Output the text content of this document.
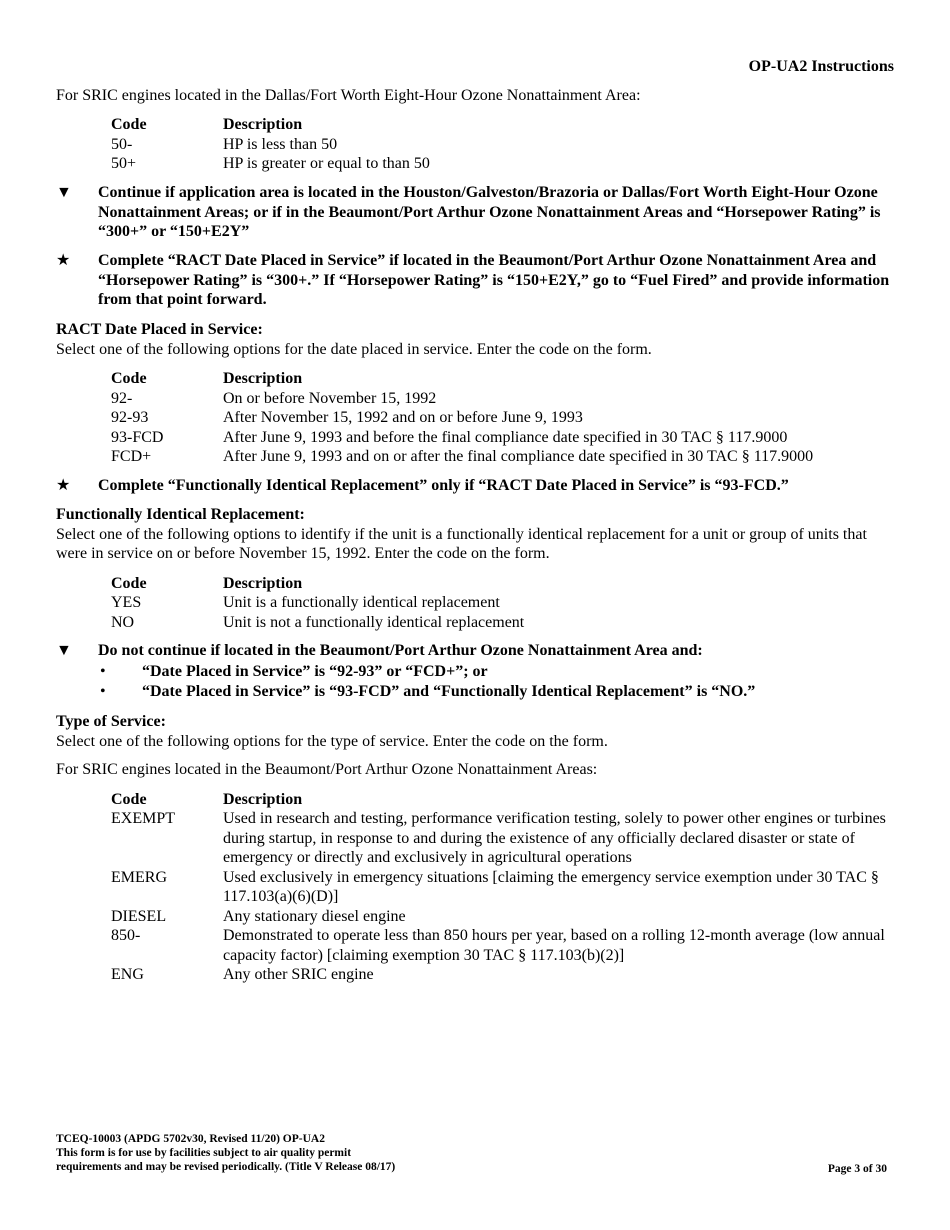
OP-UA2 Instructions

For SRIC engines located in the Dallas/Fort Worth Eight-Hour Ozone Nonattainment Area:

Code	Description
50-	HP is less than 50
50+	HP is greater or equal to than 50
▼ Continue if application area is located in the Houston/Galveston/Brazoria or Dallas/Fort Worth Eight-Hour Ozone Nonattainment Areas; or if in the Beaumont/Port Arthur Ozone Nonattainment Areas and “Horsepower Rating” is “300+” or “150+E2Y”
★	Complete “RACT Date Placed in Service” if located in the Beaumont/Port Arthur Ozone Nonattainment Area and “Horsepower Rating” is “300+.” If “Horsepower Rating” is “150+E2Y,” go to “Fuel Fired” and provide information from that point forward.

RACT Date Placed in Service:

Select one of the following options for the date placed in service. Enter the code on the form.

Code	Description
92-	On or before November 15, 1992
92-93	After November 15, 1992 and on or before June 9, 1993
93-FCD	After June 9, 1993 and before the final compliance date specified in 30 TAC § 117.9000
FCD+	After June 9, 1993 and on or after the final compliance date specified in 30 TAC § 117.9000
★	Complete “Functionally Identical Replacement” only if “RACT Date Placed in Service” is “93-FCD.”

Functionally Identical Replacement:

Select one of the following options to identify if the unit is a functionally identical replacement for a unit or group of units that were in service on or before November 15, 1992. Enter the code on the form.

Code	Description
YES	Unit is a functionally identical replacement
NO	Unit is not a functionally identical replacement
▼ Do not continue if located in the Beaumont/Port Arthur Ozone Nonattainment Area and:
• “Date Placed in Service” is “92-93” or “FCD+”; or
• “Date Placed in Service” is “93-FCD” and “Functionally Identical Replacement” is “NO.”

Type of Service:

Select one of the following options for the type of service. Enter the code on the form.

For SRIC engines located in the Beaumont/Port Arthur Ozone Nonattainment Areas:

Code	Description
EXEMPT	Used in research and testing, performance verification testing, solely to power other engines or turbines during startup, in response to and during the existence of any officially declared disaster or state of emergency or directly and exclusively in agricultural operations
EMERG	Used exclusively in emergency situations [claiming the emergency service exemption under 30 TAC § 117.103(a)(6)(D)]
DIESEL	Any stationary diesel engine
850-	Demonstrated to operate less than 850 hours per year, based on a rolling 12-month average (low annual capacity factor) [claiming exemption 30 TAC § 117.103(b)(2)]
ENG	Any other SRIC engine
TCEQ-10003 (APDG 5702v30, Revised 11/20) OP-UA2
This form is for use by facilities subject to air quality permit
requirements and may be revised periodically. (Title V Release 08/17)	Page 3 of 30
